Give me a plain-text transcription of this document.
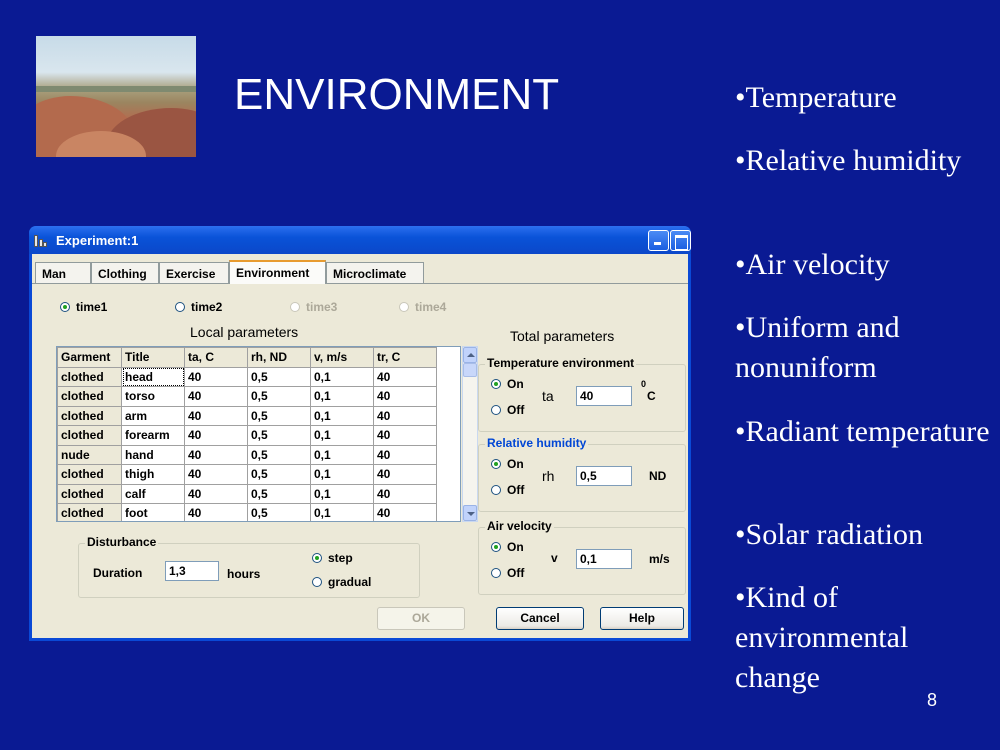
ENVIRONMENT	•Temperature
•Relative humidity
•Air velocity
•Uniform and nonuniform
•Radiant temperature
•Solar radiation
•Kind of environmental change
8
Experiment:1
Man	Clothing	Exercise	Environment	Microclimate
time1	time2	time3	time4
Local parameters	Total parameters
Garment	Title	ta, C	rh, ND	v, m/s	tr, C
clothed	head	40	0,5	0,1	40
clothed	torso	40	0,5	0,1	40
clothed	arm	40	0,5	0,1	40
clothed	forearm	40	0,5	0,1	40
nude	hand	40	0,5	0,1	40
clothed	thigh	40	0,5	0,1	40
clothed	calf	40	0,5	0,1	40
clothed	foot	40	0,5	0,1	40
Disturbance
Duration	1,3	hours
step
gradual
Temperature environment
On
Off
ta	40
0
C
Relative humidity
On
Off
rh	0,5	ND
Air velocity
On
Off
v	0,1	m/s
OK	Cancel	Help
